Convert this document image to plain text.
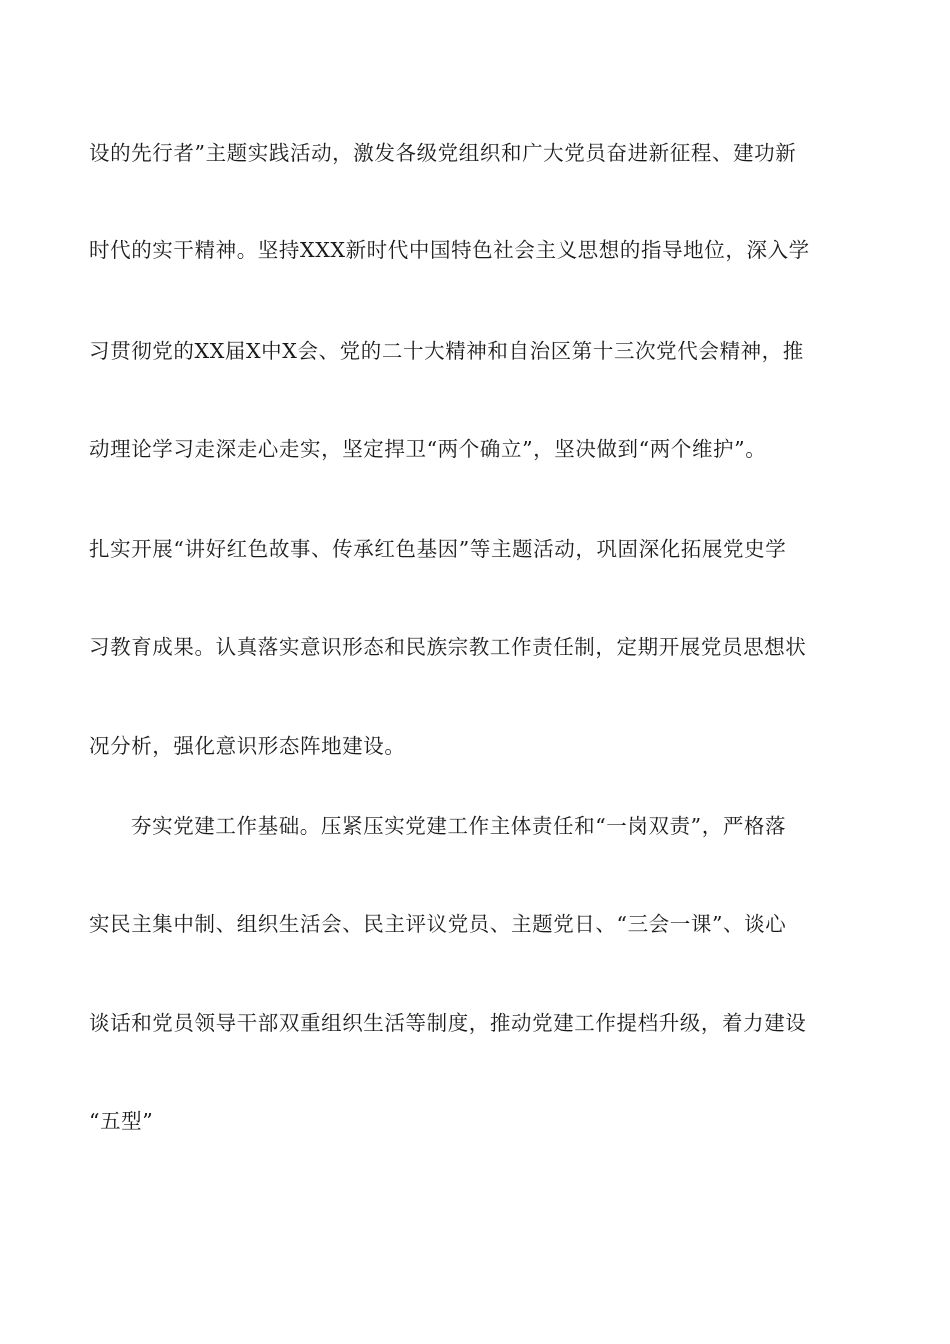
设的先行者”主题实践活动，激发各级党组织和广大党员奋进新征程、建功新
时代的实干精神。坚持XXX新时代中国特色社会主义思想的指导地位，深入学
习贯彻党的XX届X中X会、党的二十大精神和自治区第十三次党代会精神，推
动理论学习走深走心走实，坚定捍卫“两个确立”，坚决做到“两个维护”。
扎实开展“讲好红色故事、传承红色基因”等主题活动，巩固深化拓展党史学
习教育成果。认真落实意识形态和民族宗教工作责任制，定期开展党员思想状
况分析，强化意识形态阵地建设。
夯实党建工作基础。压紧压实党建工作主体责任和“一岗双责”，严格落
实民主集中制、组织生活会、民主评议党员、主题党日、“三会一课”、谈心
谈话和党员领导干部双重组织生活等制度，推动党建工作提档升级，着力建设
“五型”
